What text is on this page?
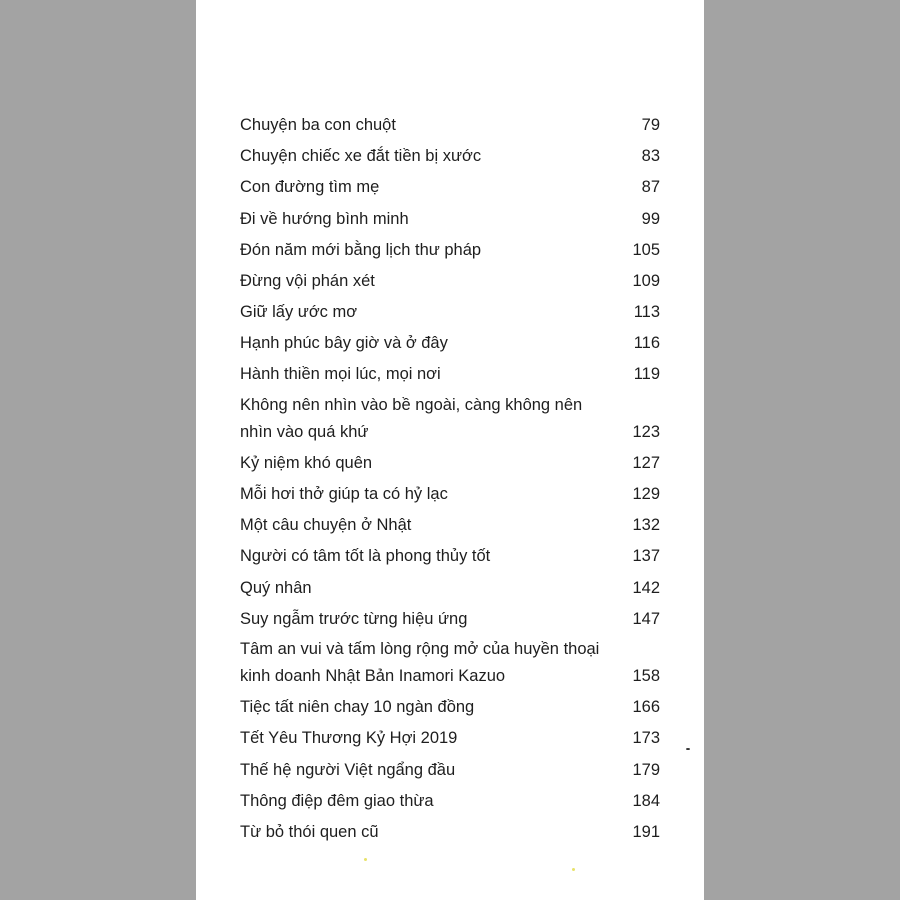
Chuyện ba con chuột	79
Chuyện chiếc xe đắt tiền bị xước	83
Con đường tìm mẹ	87
Đi về hướng bình minh	99
Đón năm mới bằng lịch thư pháp	105
Đừng vội phán xét	109
Giữ lấy ước mơ	113
Hạnh phúc bây giờ và ở đây	116
Hành thiền mọi lúc, mọi nơi	119
Không nên nhìn vào bề ngoài, càng không nên
nhìn vào quá khứ	123
Kỷ niệm khó quên	127
Mỗi hơi thở giúp ta có hỷ lạc	129
Một câu chuyện ở Nhật	132
Người có tâm tốt là phong thủy tốt	137
Quý nhân	142
Suy ngẫm trước từng hiệu ứng	147
Tâm an vui và tấm lòng rộng mở của huyền thoại
kinh doanh Nhật Bản Inamori Kazuo	158
Tiệc tất niên chay 10 ngàn đồng	166
Tết Yêu Thương Kỷ Hợi 2019	173
Thế hệ người Việt ngẩng đầu	179
Thông điệp đêm giao thừa	184
Từ bỏ thói quen cũ	191
